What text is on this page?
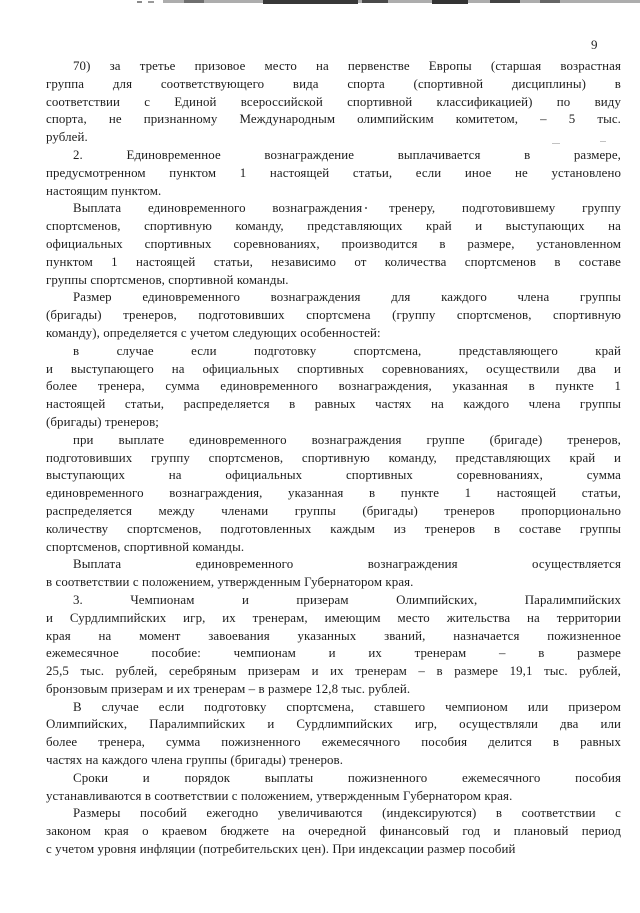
9
70) за третье призовое место на первенстве Европы (старшая возрастная
группа для соответствующего вида спорта (спортивной дисциплины) в
соответствии с Единой всероссийской спортивной классификацией) по виду
спорта, не признанному Международным олимпийским комитетом, – 5 тыс.
рублей.
2. Единовременное вознаграждение выплачивается в размере,
предусмотренном пунктом 1 настоящей статьи, если иное не установлено
настоящим пунктом.
Выплата единовременного вознаграждения тренеру, подготовившему группу
спортсменов, спортивную команду, представляющих край и выступающих на
официальных спортивных соревнованиях, производится в размере, установленном
пунктом 1 настоящей статьи, независимо от количества спортсменов в составе
группы спортсменов, спортивной команды.
Размер единовременного вознаграждения для каждого члена группы
(бригады) тренеров, подготовивших спортсмена (группу спортсменов, спортивную
команду), определяется с учетом следующих особенностей:
в случае если подготовку спортсмена, представляющего край
и выступающего на официальных спортивных соревнованиях, осуществили два и
более тренера, сумма единовременного вознаграждения, указанная в пункте 1
настоящей статьи, распределяется в равных частях на каждого члена группы
(бригады) тренеров;
при выплате единовременного вознаграждения группе (бригаде) тренеров,
подготовивших группу спортсменов, спортивную команду, представляющих край и
выступающих на официальных спортивных соревнованиях, сумма
единовременного вознаграждения, указанная в пункте 1 настоящей статьи,
распределяется между членами группы (бригады) тренеров пропорционально
количеству спортсменов, подготовленных каждым из тренеров в составе группы
спортсменов, спортивной команды.
Выплата единовременного вознаграждения осуществляется
в соответствии с положением, утвержденным Губернатором края.
3. Чемпионам и призерам Олимпийских, Паралимпийских
и Сурдлимпийских игр, их тренерам, имеющим место жительства на территории
края на момент завоевания указанных званий, назначается пожизненное
ежемесячное пособие: чемпионам и их тренерам – в размере
25,5 тыс. рублей, серебряным призерам и их тренерам – в размере 19,1 тыс. рублей,
бронзовым призерам и их тренерам – в размере 12,8 тыс. рублей.
В случае если подготовку спортсмена, ставшего чемпионом или призером
Олимпийских, Паралимпийских и Сурдлимпийских игр, осуществляли два или
более тренера, сумма пожизненного ежемесячного пособия делится в равных
частях на каждого члена группы (бригады) тренеров.
Сроки и порядок выплаты пожизненного ежемесячного пособия
устанавливаются в соответствии с положением, утвержденным Губернатором края.
Размеры пособий ежегодно увеличиваются (индексируются) в соответствии с
законом края о краевом бюджете на очередной финансовый год и плановый период
с учетом уровня инфляции (потребительских цен). При индексации размер пособий
